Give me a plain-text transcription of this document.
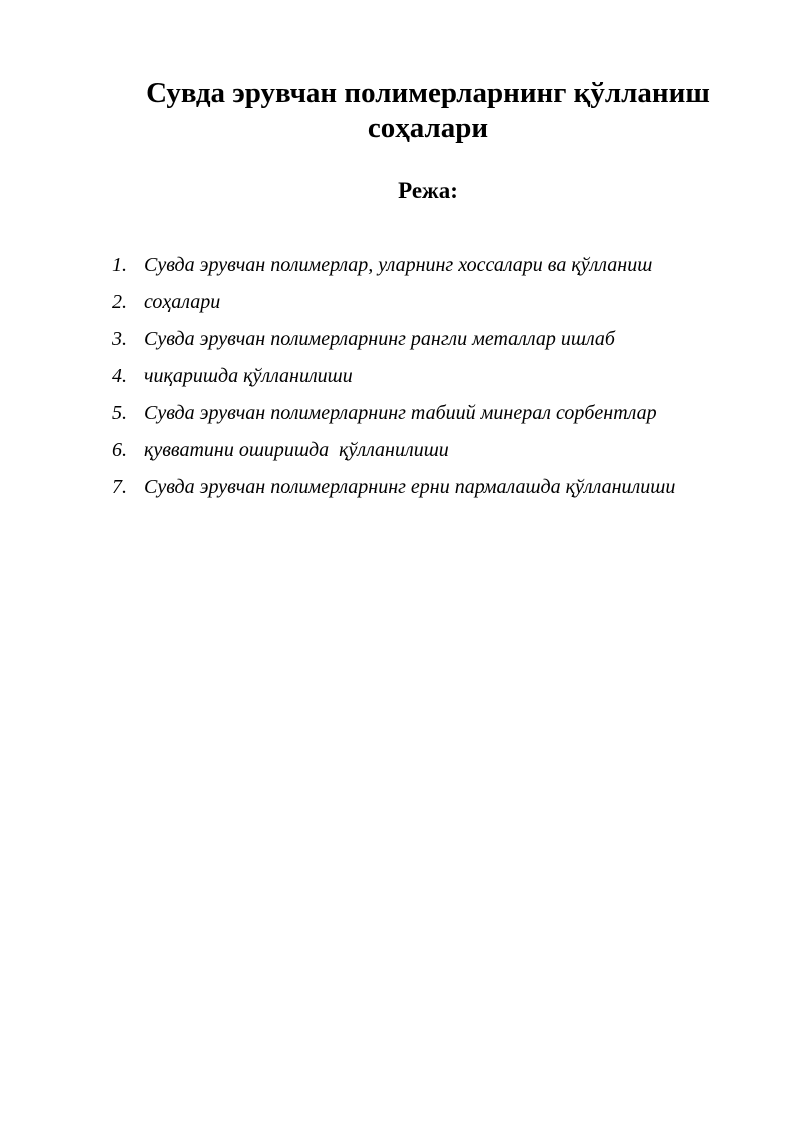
Сувда эрувчан полимерларнинг қўлланиш соҳалари
Режа:
1. Сувда эрувчан полимерлар, уларнинг хоссалари ва қўлланиш
2. соҳалари
3. Сувда эрувчан полимерларнинг рангли металлар ишлаб
4. чиқаришда қўлланилиши
5. Сувда эрувчан полимерларнинг табиий минерал сорбентлар
6. қувватини оширишда  қўлланилиши
7. Сувда эрувчан полимерларнинг ерни пармалашда қўлланилиши
